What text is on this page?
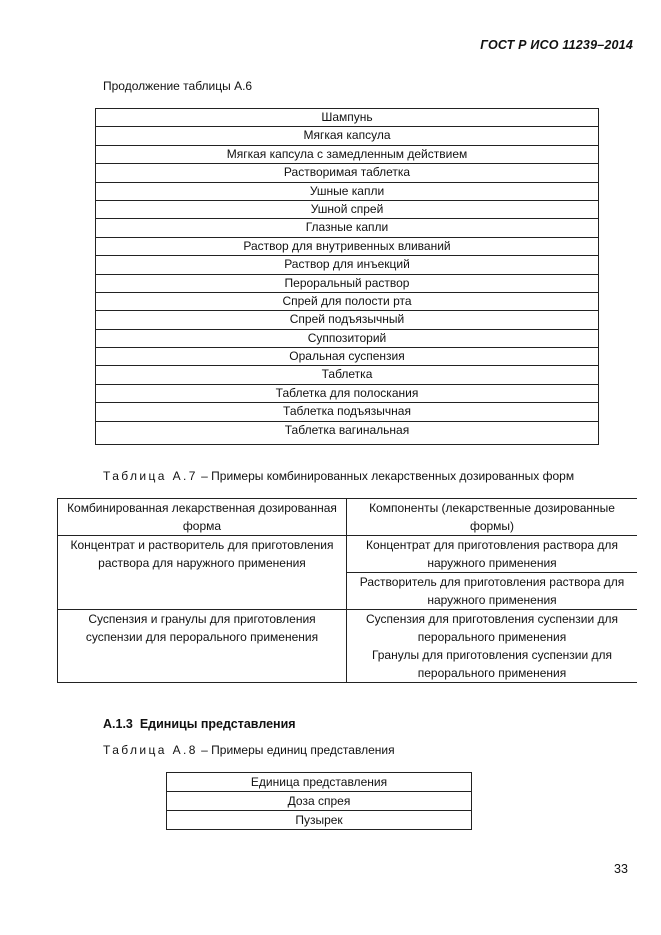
ГОСТ Р ИСО 11239–2014
Продолжение таблицы А.6
Шампунь
Мягкая капсула
Мягкая капсула с замедленным действием
Растворимая таблетка
Ушные капли
Ушной спрей
Глазные капли
Раствор для внутривенных вливаний
Раствор для инъекций
Пероральный раствор
Спрей для полости рта
Спрей подъязычный
Суппозиторий
Оральная суспензия
Таблетка
Таблетка для полоскания
Таблетка подъязычная
Таблетка вагинальная
Таблица А.7 – Примеры комбинированных лекарственных дозированных форм
Комбинированная лекарственная дозированная форма	Компоненты (лекарственные дозированные формы)
Концентрат и растворитель для приготовления раствора для наружного применения	Концентрат для приготовления раствора для наружного применения
	Растворитель для приготовления раствора для наружного применения
Суспензия и гранулы для приготовления суспензии для перорального применения	Суспензия для приготовления суспензии для перорального применения
	Гранулы для приготовления суспензии для перорального применения
А.1.3 Единицы представления
Таблица А.8 – Примеры единиц представления
Единица представления
Доза спрея
Пузырек
33
